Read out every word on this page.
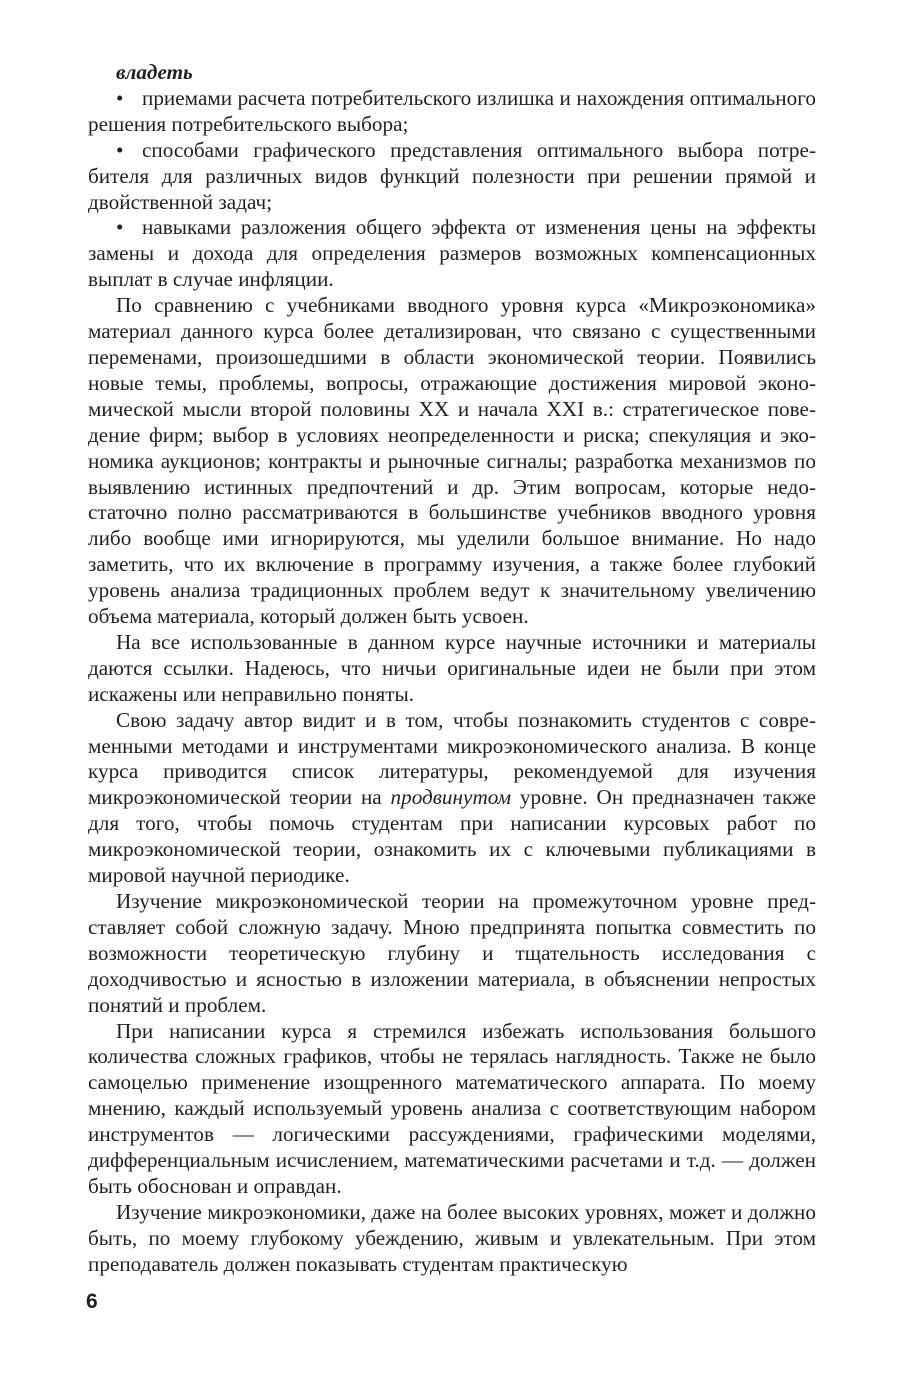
владеть
• приемами расчета потребительского излишка и нахождения оптимального решения потребительского выбора;
• способами графического представления оптимального выбора потребителя для различных видов функций полезности при решении прямой и двойственной задач;
• навыками разложения общего эффекта от изменения цены на эффекты замены и дохода для определения размеров возможных компенсационных выплат в случае инфляции.

По сравнению с учебниками вводного уровня курса «Микроэкономика» материал данного курса более детализирован, что связано с существенными переменами, произошедшими в области экономической теории. Появились новые темы, проблемы, вопросы, отражающие достижения мировой экономической мысли второй половины XX и начала XXI в.: стратегическое поведение фирм; выбор в условиях неопределенности и риска; спекуляция и экономика аукционов; контракты и рыночные сигналы; разработка механизмов по выявлению истинных предпочтений и др. Этим вопросам, которые недостаточно полно рассматриваются в большинстве учебников вводного уровня либо вообще ими игнорируются, мы уделили большое внимание. Но надо заметить, что их включение в программу изучения, а также более глубокий уровень анализа традиционных проблем ведут к значительному увеличению объема материала, который должен быть усвоен.

На все использованные в данном курсе научные источники и материалы даются ссылки. Надеюсь, что ничьи оригинальные идеи не были при этом искажены или неправильно поняты.

Свою задачу автор видит и в том, чтобы познакомить студентов с современными методами и инструментами микроэкономического анализа. В конце курса приводится список литературы, рекомендуемой для изучения микроэкономической теории на продвинутом уровне. Он предназначен также для того, чтобы помочь студентам при написании курсовых работ по микроэкономической теории, ознакомить их с ключевыми публикациями в мировой научной периодике.

Изучение микроэкономической теории на промежуточном уровне представляет собой сложную задачу. Мною предпринята попытка совместить по возможности теоретическую глубину и тщательность исследования с доходчивостью и ясностью в изложении материала, в объяснении непростых понятий и проблем.

При написании курса я стремился избежать использования большого количества сложных графиков, чтобы не терялась наглядность. Также не было самоцелью применение изощренного математического аппарата. По моему мнению, каждый используемый уровень анализа с соответствующим набором инструментов — логическими рассуждениями, графическими моделями, дифференциальным исчислением, математическими расчетами и т.д. — должен быть обоснован и оправдан.

Изучение микроэкономики, даже на более высоких уровнях, может и должно быть, по моему глубокому убеждению, живым и увлекательным. При этом преподаватель должен показывать студентам практическую

6
